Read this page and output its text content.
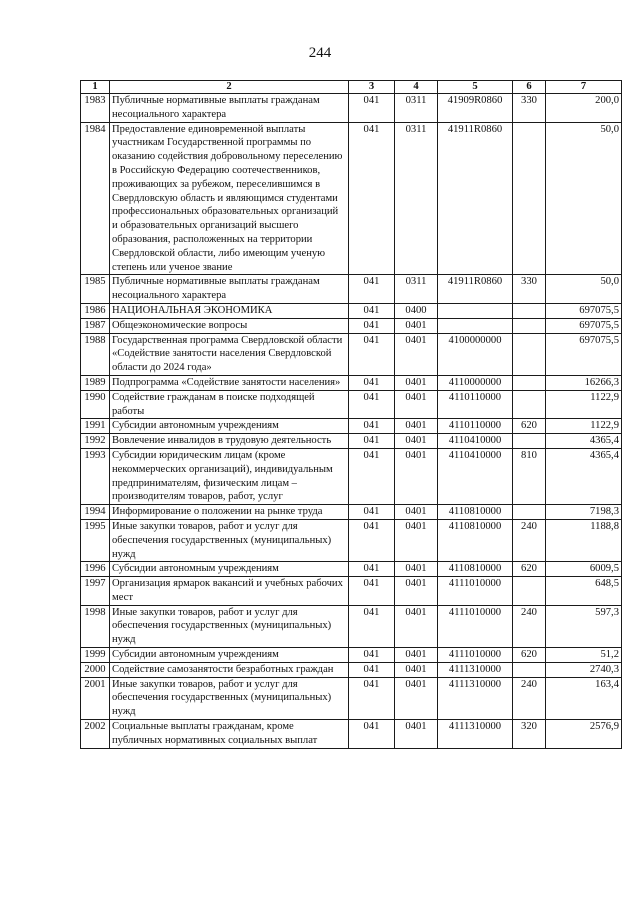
244
1	2	3	4	5	6	7
1983	Публичные нормативные выплаты гражданам несоциального характера	041	0311	41909R0860	330	200,0
1984	Предоставление единовременной выплаты участникам Государственной программы по оказанию содействия добровольному переселению в Российскую Федерацию соотечественников, проживающих за рубежом, переселившимся в Свердловскую область и являющимся студентами профессиональных образовательных организаций и образовательных организаций высшего образования, расположенных на территории Свердловской области, либо имеющим ученую степень или ученое звание	041	0311	41911R0860		50,0
1985	Публичные нормативные выплаты гражданам несоциального характера	041	0311	41911R0860	330	50,0
1986	НАЦИОНАЛЬНАЯ ЭКОНОМИКА	041	0400			697075,5
1987	Общеэкономические вопросы	041	0401			697075,5
1988	Государственная программа Свердловской области «Содействие занятости населения Свердловской области до 2024 года»	041	0401	4100000000		697075,5
1989	Подпрограмма «Содействие занятости населения»	041	0401	4110000000		16266,3
1990	Содействие гражданам в поиске подходящей работы	041	0401	4110110000		1122,9
1991	Субсидии автономным учреждениям	041	0401	4110110000	620	1122,9
1992	Вовлечение инвалидов в трудовую деятельность	041	0401	4110410000		4365,4
1993	Субсидии юридическим лицам (кроме некоммерческих организаций), индивидуальным предпринимателям, физическим лицам – производителям товаров, работ, услуг	041	0401	4110410000	810	4365,4
1994	Информирование о положении на рынке труда	041	0401	4110810000		7198,3
1995	Иные закупки товаров, работ и услуг для обеспечения государственных (муниципальных) нужд	041	0401	4110810000	240	1188,8
1996	Субсидии автономным учреждениям	041	0401	4110810000	620	6009,5
1997	Организация ярмарок вакансий и учебных рабочих мест	041	0401	4111010000		648,5
1998	Иные закупки товаров, работ и услуг для обеспечения государственных (муниципальных) нужд	041	0401	4111010000	240	597,3
1999	Субсидии автономным учреждениям	041	0401	4111010000	620	51,2
2000	Содействие самозанятости безработных граждан	041	0401	4111310000		2740,3
2001	Иные закупки товаров, работ и услуг для обеспечения государственных (муниципальных) нужд	041	0401	4111310000	240	163,4
2002	Социальные выплаты гражданам, кроме публичных нормативных социальных выплат	041	0401	4111310000	320	2576,9
